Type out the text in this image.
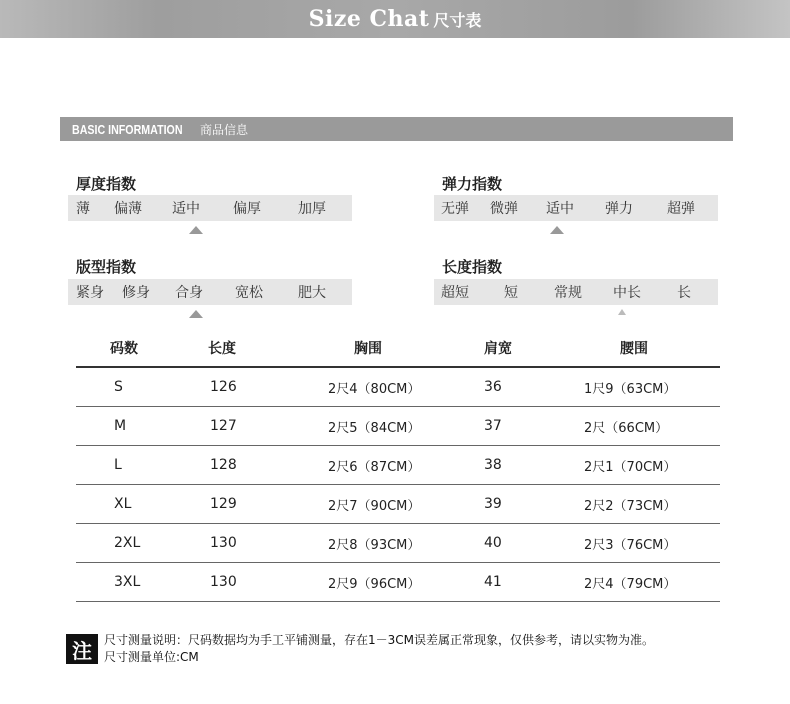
Size Chat 尺寸表
BASIC INFORMATION 商品信息
厚度指数
薄	偏薄	适中	偏厚	加厚
弹力指数
无弹	微弹	适中	弹力	超弹
版型指数
紧身	修身	合身	宽松	肥大
长度指数
超短	短	常规	中长	长
码数	长度	胸围	肩宽	腰围
S	126	2尺4（80CM）	36	1尺9（63CM）
M	127	2尺5（84CM）	37	2尺（66CM）
L	128	2尺6（87CM）	38	2尺1（70CM）
XL	129	2尺7（90CM）	39	2尺2（73CM）
2XL	130	2尺8（93CM）	40	2尺3（76CM）
3XL	130	2尺9（96CM）	41	2尺4（79CM）
注	尺寸测量说明：尺码数据均为手工平铺测量，存在1－3CM误差属正常现象，仅供参考，请以实物为准。
尺寸测量单位:CM
